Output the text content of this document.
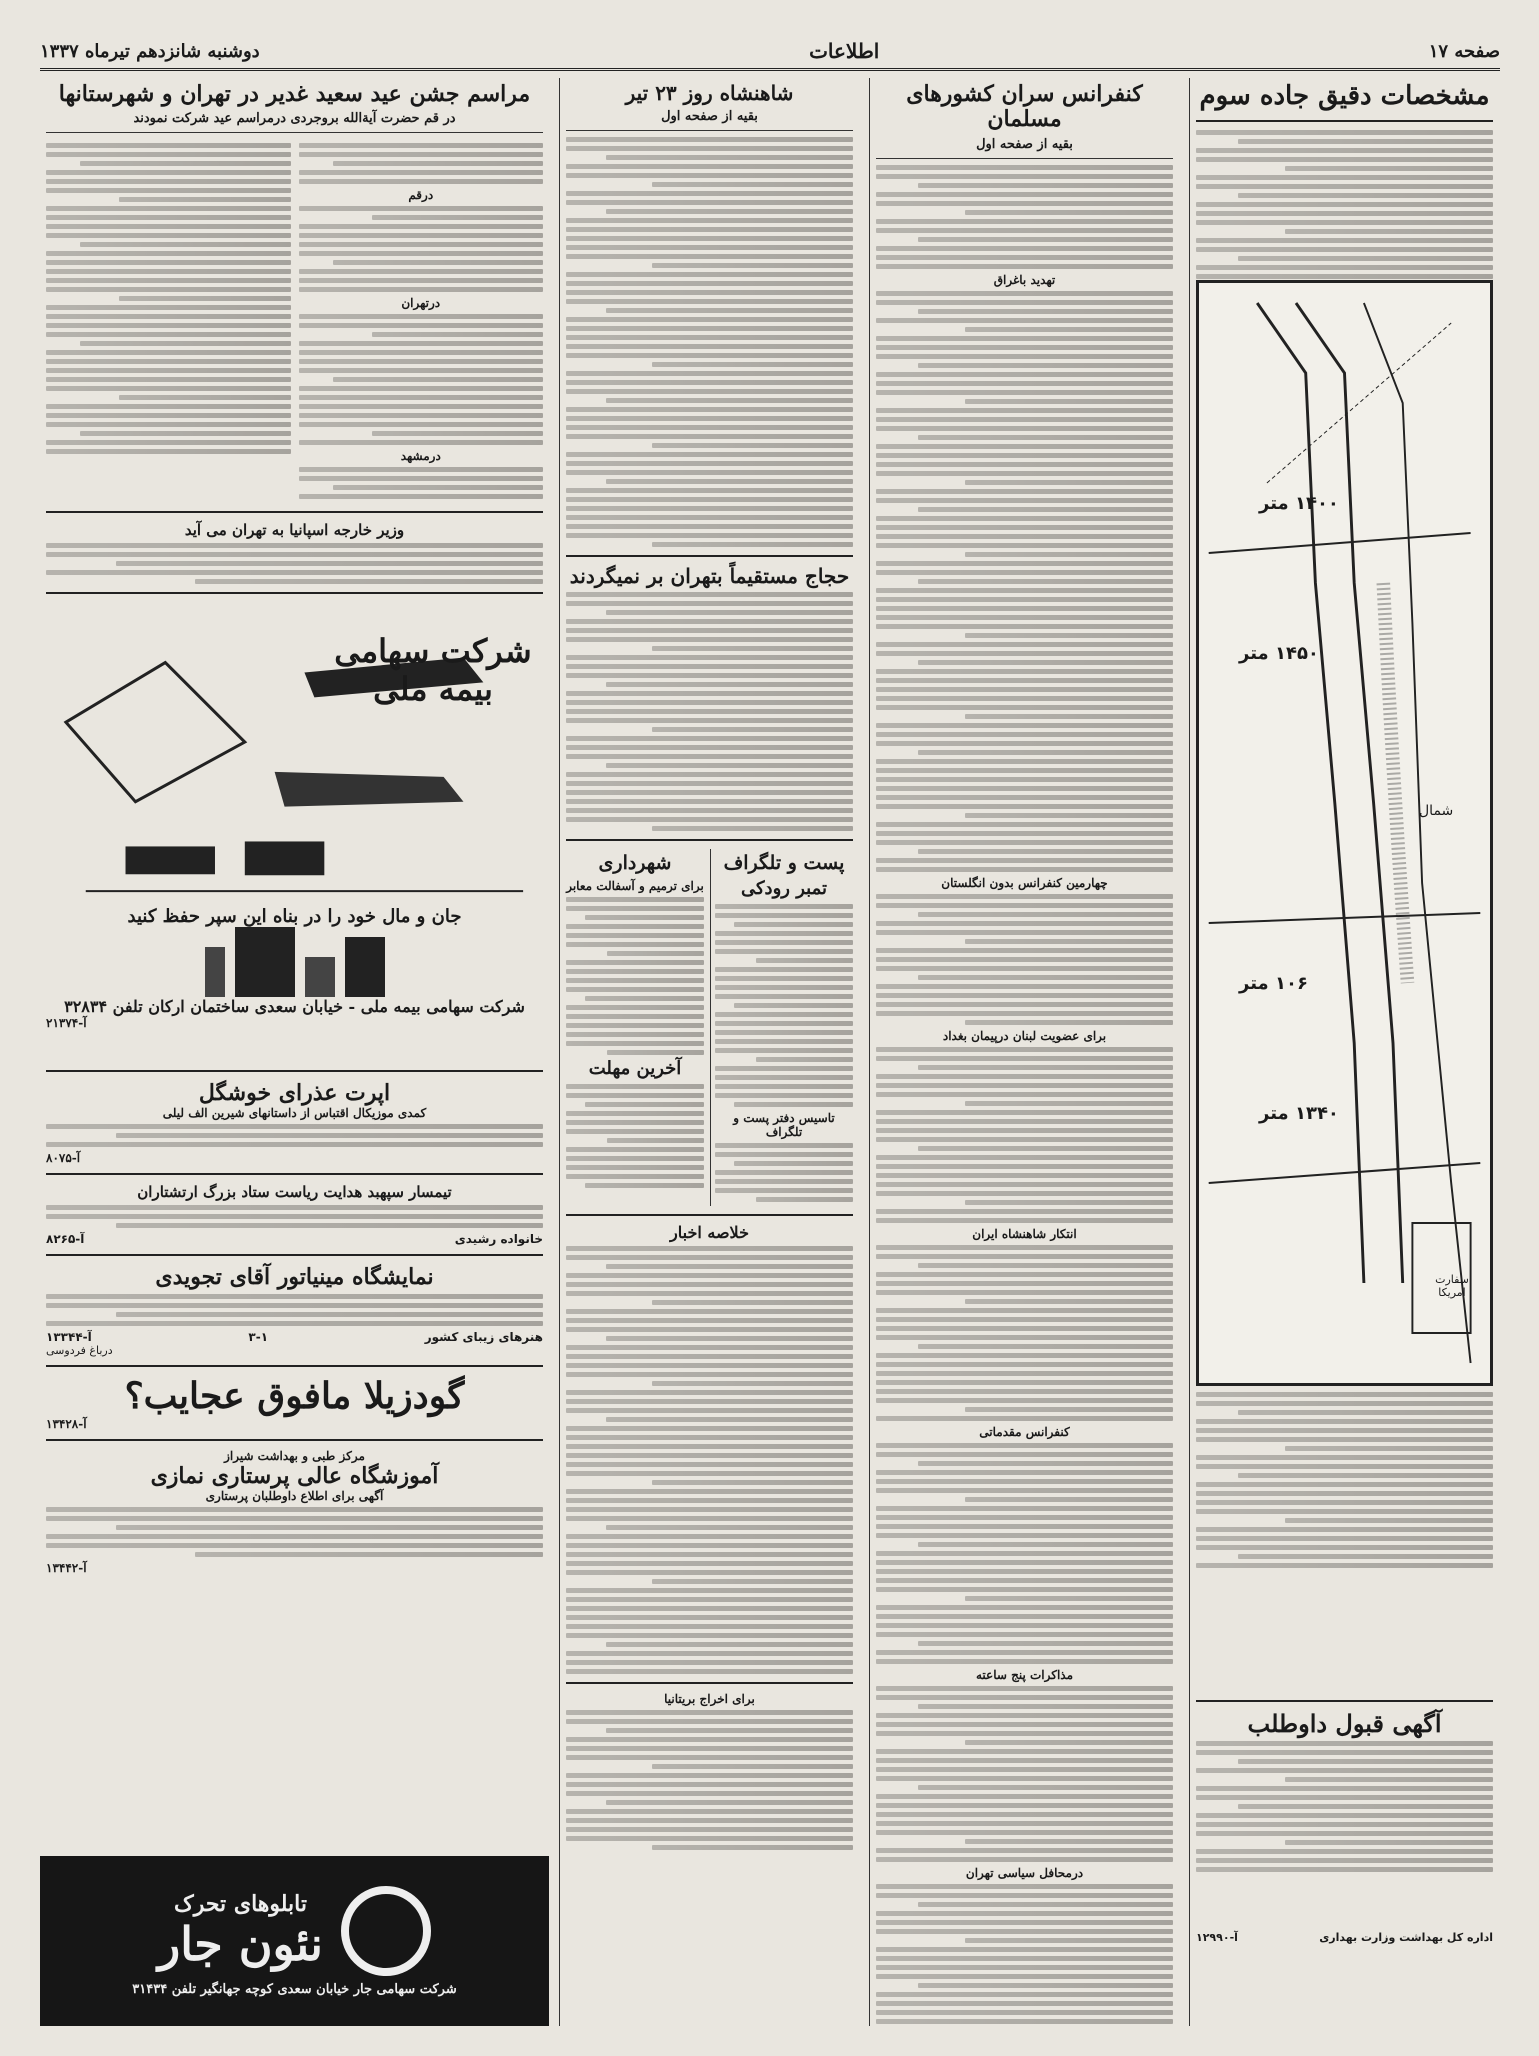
صفحه ۱۷
اطلاعات
دوشنبه شانزدهم تیرماه ۱۳۳۷
مشخصات دقیق جاده سوم
۱۴۰۰ متر
۱۴۵۰ متر
شمال
۱۰۶ متر
۱۳۴۰ متر
سفارت امریکا
آگهی قبول داوطلب
اداره کل بهداشت وزارت بهداری
آ-۱۲۹۹۰
کنفرانس سران کشورهای مسلمان
بقیه از صفحه اول
تهدید باغراق
چهارمین کنفرانس بدون انگلستان
برای عضویت لبنان درپیمان بغداد
انتکار شاهنشاه ایران
کنفرانس مقدماتی
مذاکرات پنج ساعته
درمحافل سیاسی تهران
شاهنشاه روز ۲۳ تیر
بقیه از صفحه اول
حجاج مستقیماً بتهران بر نمیگردند
پست و تلگراف
تمبر رودکی
تاسیس دفتر پست و تلگراف
شهرداری
برای ترمیم و آسفالت معابر
آخرین مهلت
خلاصه اخبار
برای اخراج بریتانیا
مراسم جشن عید سعید غدیر در تهران و شهرستانها
در قم حضرت آیةالله بروجردی درمراسم عید شرکت نمودند
درقم
درتهران
درمشهد
وزیر خارجه اسپانیا به تهران می آید
شرکت سهامی بیمه ملی
جان و مال خود را در بناه این سپر حفظ کنید
شرکت سهامی بیمه ملی - خیابان سعدی ساختمان ارکان تلفن ۳۲۸۳۴
آ-۲۱۳۷۴
اپرت عذرای خوشگل
کمدی موزیکال اقتباس از داستانهای شیرین الف لیلی
آ-۸۰۷۵
تیمسار سپهبد هدایت ریاست ستاد بزرگ ارتشتاران
خانواده رشیدی
آ-۸۲۶۵
نمایشگاه مینیاتور آقای تجویدی
هنرهای زیبای کشور
۳-۱
آ-۱۳۳۴۴
درباغ فردوسی
گودزیلا مافوق عجایب؟
آ-۱۳۴۲۸
مرکز طبی و بهداشت شیراز
آموزشگاه عالی پرستاری نمازی
آگهی برای اطلاع داوطلبان پرستاری
آ-۱۳۴۴۲
تابلوهای تحرک
نئون جار
شرکت سهامی جار خیابان سعدی کوچه جهانگیر تلفن ۳۱۴۳۴
